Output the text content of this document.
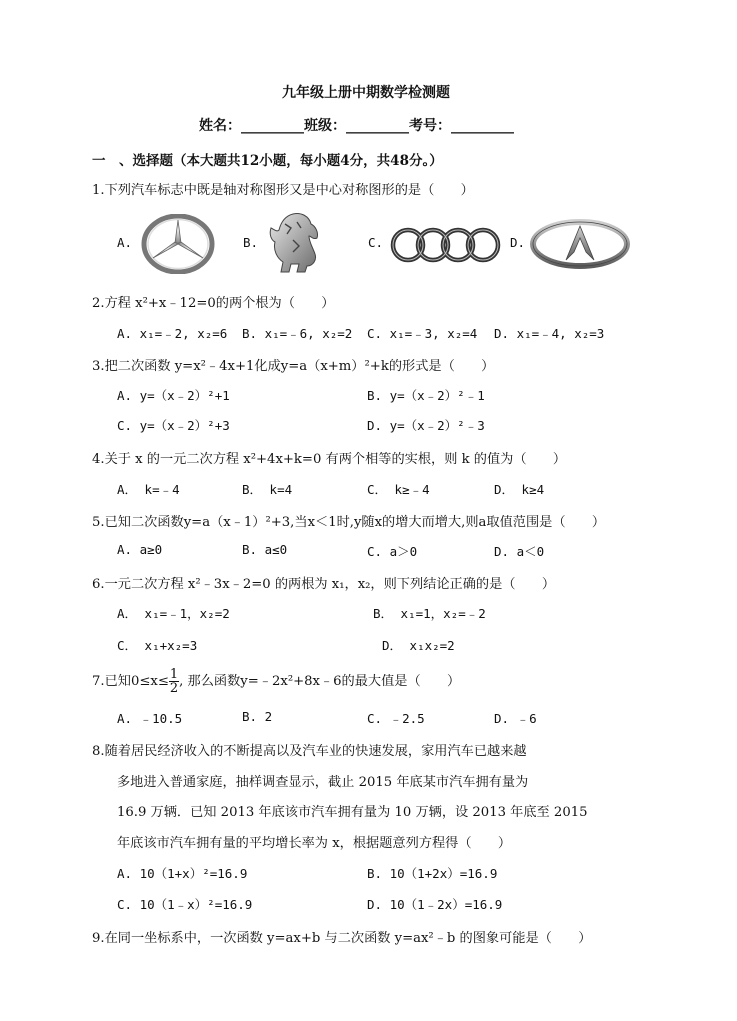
九年级上册中期数学检测题
姓名：_________班级：_________考号：_________
一　、选择题（本大题共12小题，每小题4分，共48分。）
1.下列汽车标志中既是轴对称图形又是中心对称图形的是（　　）
A.	B.	C.	D.
2.方程 x²+x﹣12=0的两个根为（　　）
A. x₁=﹣2, x₂=6 B. x₁=﹣6, x₂=2 C. x₁=﹣3, x₂=4 D. x₁=﹣4, x₂=3
3.把二次函数 y=x²﹣4x+1化成y=a（x+m）²+k的形式是（　　）
A. y=（x﹣2）²+1	B. y=（x﹣2）²﹣1
C. y=（x﹣2）²+3	D. y=（x﹣2）²﹣3
4.关于 x 的一元二次方程 x²+4x+k=0 有两个相等的实根，则 k 的值为（　　）
A． k=﹣4	B． k=4	C． k≥﹣4	D． k≥4
5.已知二次函数y=a（x﹣1）²+3,当x＜1时,y随x的增大而增大,则a取值范围是（　　）
A. a≥0	B. a≤0	C. a＞0	D. a＜0
6.一元二次方程 x²﹣3x﹣2=0 的两根为 x₁，x₂，则下列结论正确的是（　　）
A． x₁=﹣1，x₂=2	B． x₁=1，x₂=﹣2
C． x₁+x₂=3	D． x₁x₂=2
7.已知$0\le x\le \frac{1}{2}$ , 那么函数y=﹣2x²+8x﹣6的最大值是（　　）
A. ﹣10.5	B. 2	C. ﹣2.5	D. ﹣6
8.随着居民经济收入的不断提高以及汽车业的快速发展，家用汽车已越来越
多地进入普通家庭，抽样调查显示，截止 2015 年底某市汽车拥有量为
16.9 万辆．已知 2013 年底该市汽车拥有量为 10 万辆，设 2013 年底至 2015
年底该市汽车拥有量的平均增长率为 x，根据题意列方程得（　　）
A. 10（1+x）²=16.9	B. 10（1+2x）=16.9
C. 10（1﹣x）²=16.9	D. 10（1﹣2x）=16.9
9.在同一坐标系中，一次函数 y=ax+b 与二次函数 y=ax²﹣b 的图象可能是（　　）
